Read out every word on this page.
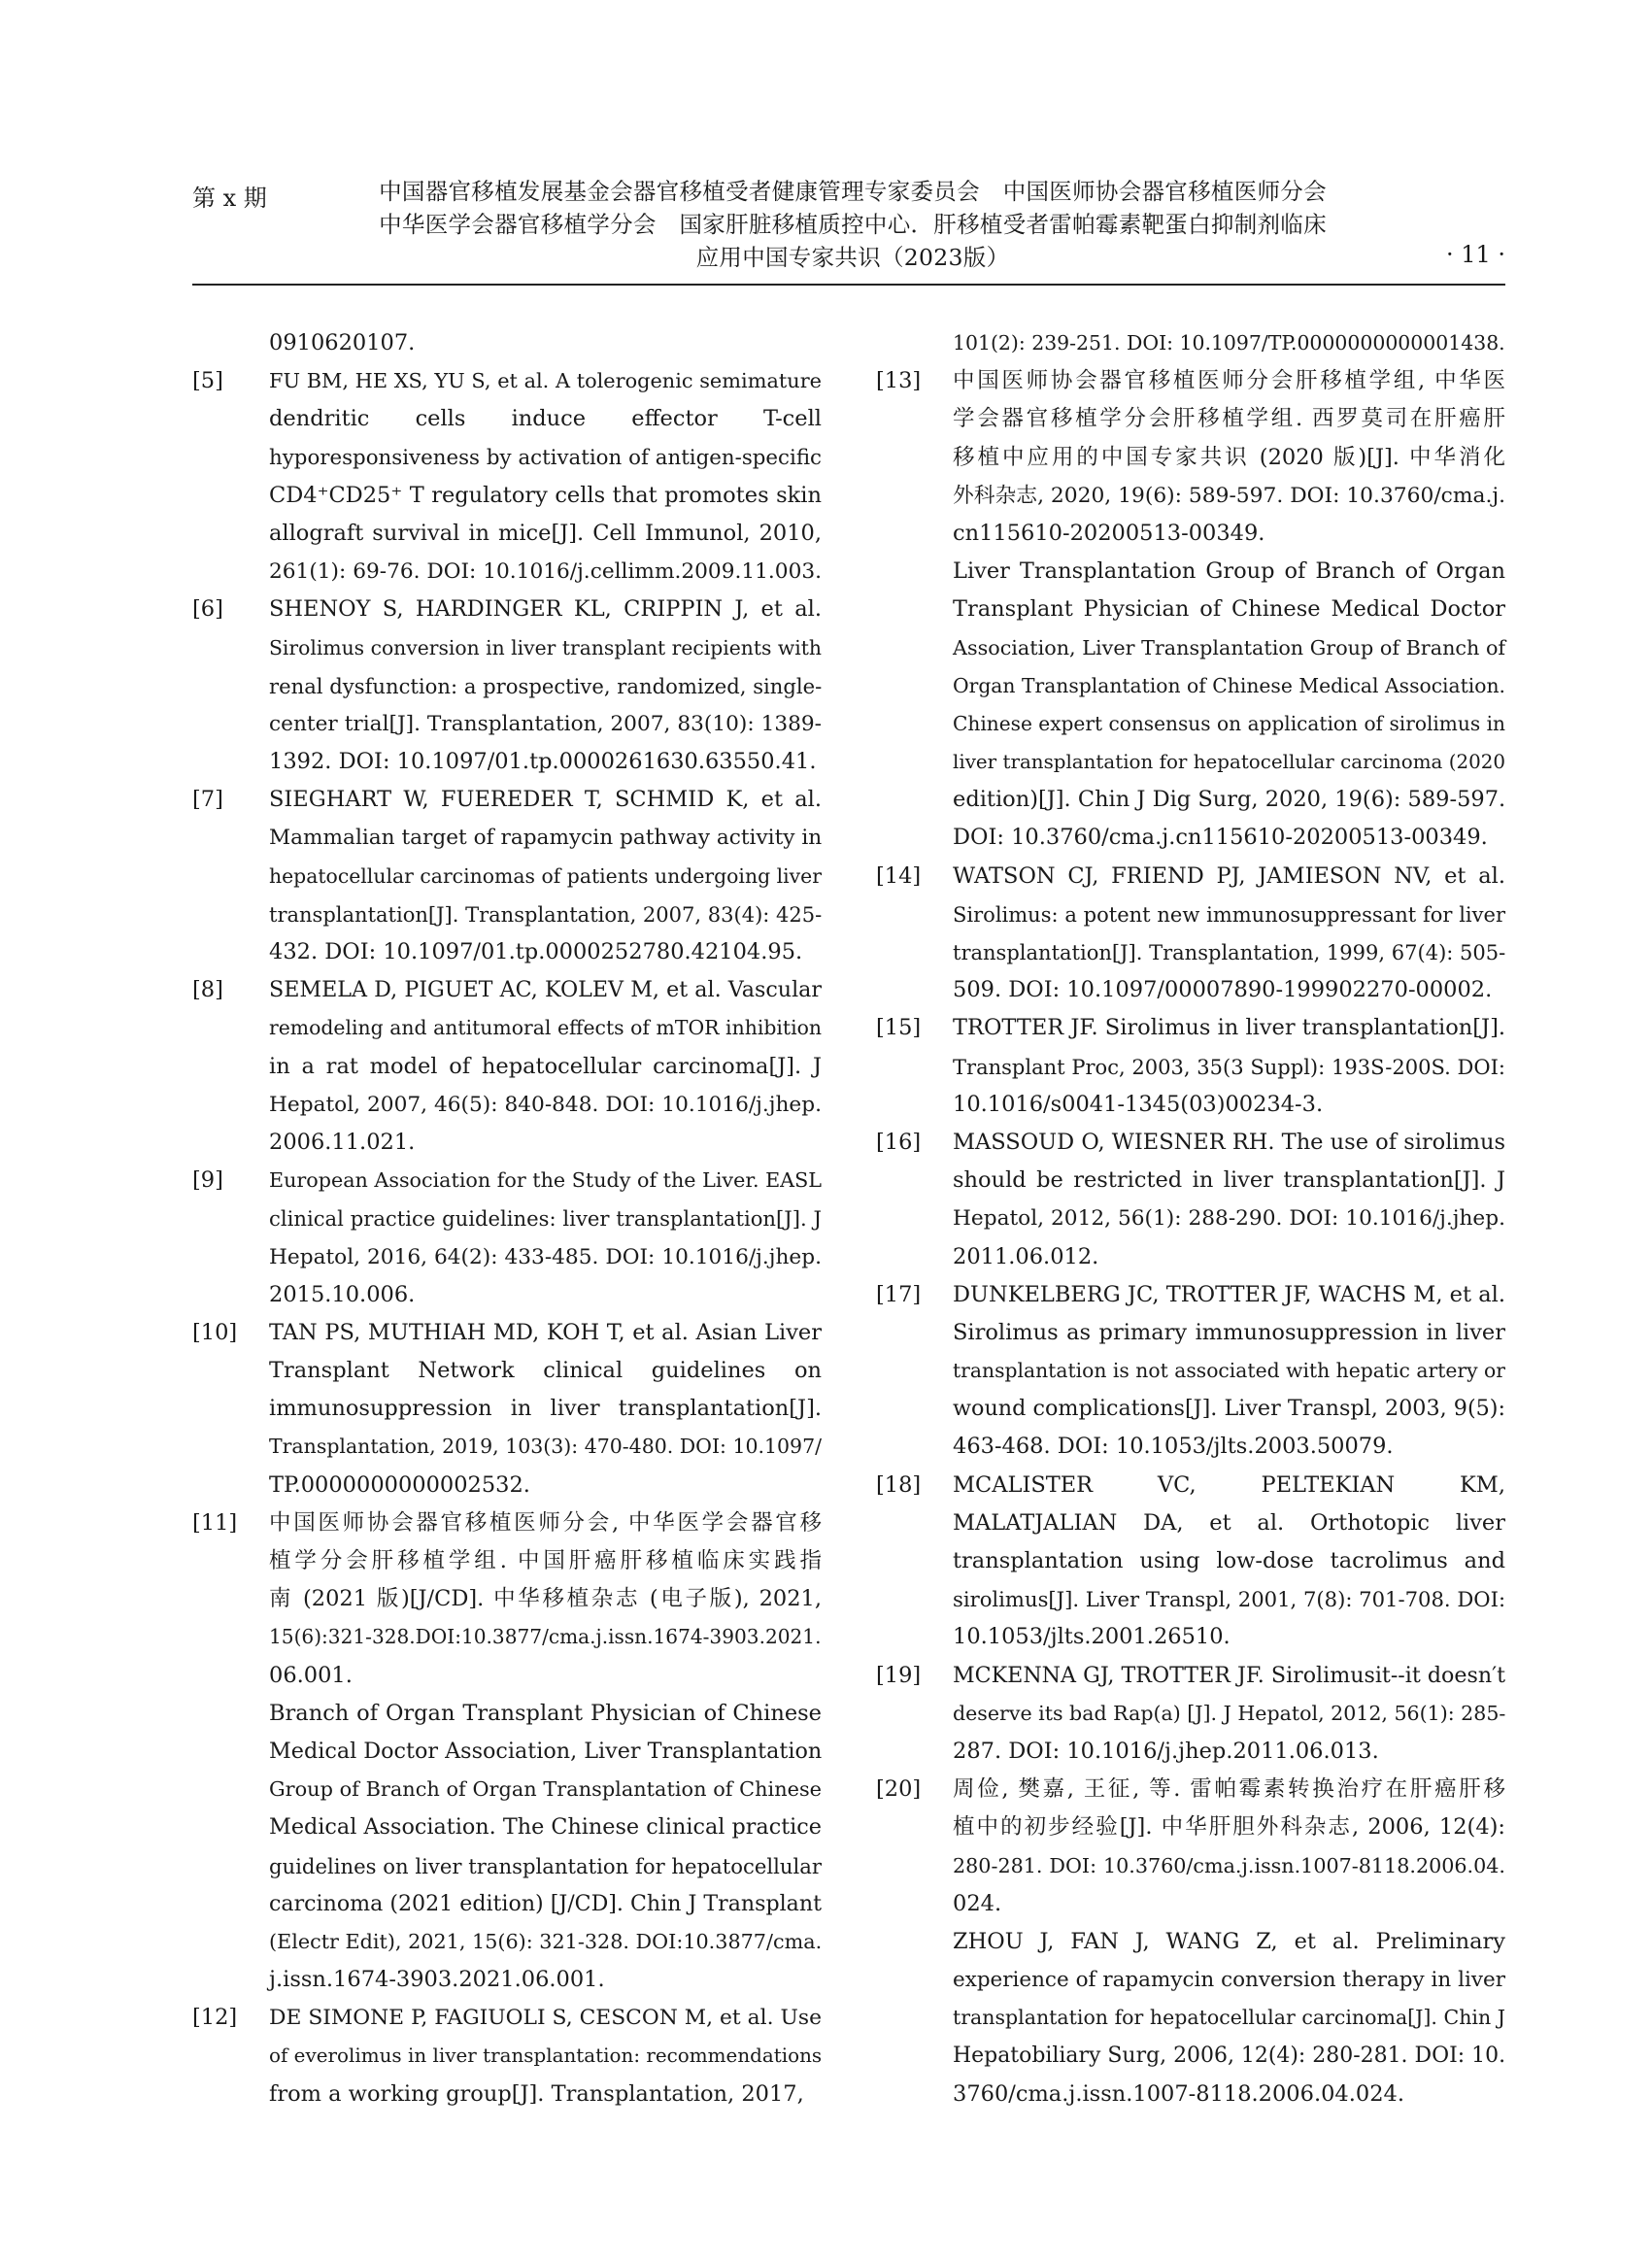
第 x 期	中国器官移植发展基金会器官移植受者健康管理专家委员会　中国医师协会器官移植医师分会
中华医学会器官移植学分会　国家肝脏移植质控中心．肝移植受者雷帕霉素靶蛋白抑制剂临床
应用中国专家共识（2023版）	· 11 ·
0910620107.
[5] FU BM, HE XS, YU S, et al. A tolerogenic semimature
dendritic cells induce effector T-cell
hyporesponsiveness by activation of antigen-specific
CD4⁺CD25⁺ T regulatory cells that promotes skin
allograft survival in mice[J]. Cell Immunol, 2010,
261(1): 69-76. DOI: 10.1016/j.cellimm.2009.11.003.
[6] SHENOY S, HARDINGER KL, CRIPPIN J, et al.
Sirolimus conversion in liver transplant recipients with
renal dysfunction: a prospective, randomized, single-
center trial[J]. Transplantation, 2007, 83(10): 1389-
1392. DOI: 10.1097/01.tp.0000261630.63550.41.
[7] SIEGHART W, FUEREDER T, SCHMID K, et al.
Mammalian target of rapamycin pathway activity in
hepatocellular carcinomas of patients undergoing liver
transplantation[J]. Transplantation, 2007, 83(4): 425-
432. DOI: 10.1097/01.tp.0000252780.42104.95.
[8] SEMELA D, PIGUET AC, KOLEV M, et al. Vascular
remodeling and antitumoral effects of mTOR inhibition
in a rat model of hepatocellular carcinoma[J]. J
Hepatol, 2007, 46(5): 840-848. DOI: 10.1016/j.jhep.
2006.11.021.
[9] European Association for the Study of the Liver. EASL
clinical practice guidelines: liver transplantation[J]. J
Hepatol, 2016, 64(2): 433-485. DOI: 10.1016/j.jhep.
2015.10.006.
[10] TAN PS, MUTHIAH MD, KOH T, et al. Asian Liver
Transplant Network clinical guidelines on
immunosuppression in liver transplantation[J].
Transplantation, 2019, 103(3): 470-480. DOI: 10.1097/
TP.0000000000002532.
[11] 中国医师协会器官移植医师分会, 中华医学会器官移
植学分会肝移植学组. 中国肝癌肝移植临床实践指
南 (2021 版)[J/CD]. 中华移植杂志 (电子版), 2021,
15(6):321-328.DOI:10.3877/cma.j.issn.1674-3903.2021.
06.001.
Branch of Organ Transplant Physician of Chinese
Medical Doctor Association, Liver Transplantation
Group of Branch of Organ Transplantation of Chinese
Medical Association. The Chinese clinical practice
guidelines on liver transplantation for hepatocellular
carcinoma (2021 edition) [J/CD]. Chin J Transplant
(Electr Edit), 2021, 15(6): 321-328. DOI:10.3877/cma.
j.issn.1674-3903.2021.06.001.
[12] DE SIMONE P, FAGIUOLI S, CESCON M, et al. Use
of everolimus in liver transplantation: recommendations
from a working group[J]. Transplantation, 2017,
101(2): 239-251. DOI: 10.1097/TP.0000000000001438.
[13] 中国医师协会器官移植医师分会肝移植学组, 中华医
学会器官移植学分会肝移植学组. 西罗莫司在肝癌肝
移植中应用的中国专家共识 (2020 版)[J]. 中华消化
外科杂志, 2020, 19(6): 589-597. DOI: 10.3760/cma.j.
cn115610-20200513-00349.
Liver Transplantation Group of Branch of Organ
Transplant Physician of Chinese Medical Doctor
Association, Liver Transplantation Group of Branch of
Organ Transplantation of Chinese Medical Association.
Chinese expert consensus on application of sirolimus in
liver transplantation for hepatocellular carcinoma (2020
edition)[J]. Chin J Dig Surg, 2020, 19(6): 589-597.
DOI: 10.3760/cma.j.cn115610-20200513-00349.
[14] WATSON CJ, FRIEND PJ, JAMIESON NV, et al.
Sirolimus: a potent new immunosuppressant for liver
transplantation[J]. Transplantation, 1999, 67(4): 505-
509. DOI: 10.1097/00007890-199902270-00002.
[15] TROTTER JF. Sirolimus in liver transplantation[J].
Transplant Proc, 2003, 35(3 Suppl): 193S-200S. DOI:
10.1016/s0041-1345(03)00234-3.
[16] MASSOUD O, WIESNER RH. The use of sirolimus
should be restricted in liver transplantation[J]. J
Hepatol, 2012, 56(1): 288-290. DOI: 10.1016/j.jhep.
2011.06.012.
[17] DUNKELBERG JC, TROTTER JF, WACHS M, et al.
Sirolimus as primary immunosuppression in liver
transplantation is not associated with hepatic artery or
wound complications[J]. Liver Transpl, 2003, 9(5):
463-468. DOI: 10.1053/jlts.2003.50079.
[18] MCALISTER VC, PELTEKIAN KM,
MALATJALIAN DA, et al. Orthotopic liver
transplantation using low-dose tacrolimus and
sirolimus[J]. Liver Transpl, 2001, 7(8): 701-708. DOI:
10.1053/jlts.2001.26510.
[19] MCKENNA GJ, TROTTER JF. Sirolimusit--it doesn′t
deserve its bad Rap(a) [J]. J Hepatol, 2012, 56(1): 285-
287. DOI: 10.1016/j.jhep.2011.06.013.
[20] 周俭, 樊嘉, 王征, 等. 雷帕霉素转换治疗在肝癌肝移
植中的初步经验[J]. 中华肝胆外科杂志, 2006, 12(4):
280-281. DOI: 10.3760/cma.j.issn.1007-8118.2006.04.
024.
ZHOU J, FAN J, WANG Z, et al. Preliminary
experience of rapamycin conversion therapy in liver
transplantation for hepatocellular carcinoma[J]. Chin J
Hepatobiliary Surg, 2006, 12(4): 280-281. DOI: 10.
3760/cma.j.issn.1007-8118.2006.04.024.
